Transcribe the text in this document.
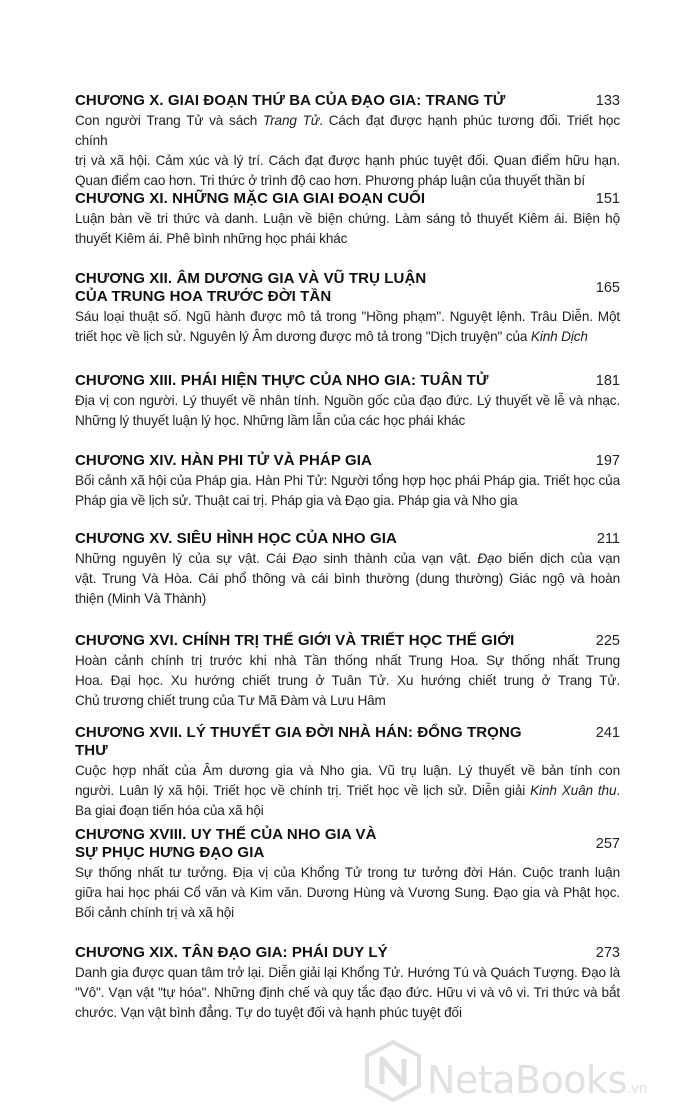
CHƯƠNG X. GIAI ĐOẠN THỨ BA CỦA ĐẠO GIA: TRANG TỬ	133
Con người Trang Tử và sách Trang Tử. Cách đạt được hạnh phúc tương đối. Triết học chính
trị và xã hội. Cảm xúc và lý trí. Cách đạt được hạnh phúc tuyệt đối. Quan điểm hữu hạn.
Quan điểm cao hơn. Tri thức ở trình độ cao hơn. Phương pháp luận của thuyết thần bí
CHƯƠNG XI. NHỮNG MẶC GIA GIAI ĐOẠN CUỐI	151
Luận bàn về tri thức và danh. Luận về biện chứng. Làm sáng tỏ thuyết Kiêm ái. Biện hộ
thuyết Kiêm ái. Phê bình những học phái khác
CHƯƠNG XII. ÂM DƯƠNG GIA VÀ VŨ TRỤ LUẬN
CỦA TRUNG HOA TRƯỚC ĐỜI TẦN	165
Sáu loại thuật số. Ngũ hành được mô tả trong "Hồng phạm". Nguyệt lệnh. Trâu Diễn. Một
triết học về lịch sử. Nguyên lý Âm dương được mô tả trong "Dịch truyện" của Kinh Dịch
CHƯƠNG XIII. PHÁI HIỆN THỰC CỦA NHO GIA: TUÂN TỬ	181
Địa vị con người. Lý thuyết về nhân tính. Nguồn gốc của đạo đức. Lý thuyết về lễ và nhạc.
Những lý thuyết luận lý học. Những lầm lẫn của các học phái khác
CHƯƠNG XIV. HÀN PHI TỬ VÀ PHÁP GIA	197
Bối cảnh xã hội của Pháp gia. Hàn Phi Tử: Người tổng hợp học phái Pháp gia. Triết học của
Pháp gia về lịch sử. Thuật cai trị. Pháp gia và Đạo gia. Pháp gia và Nho gia
CHƯƠNG XV. SIÊU HÌNH HỌC CỦA NHO GIA	211
Những nguyên lý của sự vật. Cái Đạo sinh thành của vạn vật. Đạo biến dịch của vạn
vật. Trung Và Hòa. Cái phổ thông và cái bình thường (dung thường) Giác ngộ và hoàn
thiện (Minh Và Thành)
CHƯƠNG XVI. CHÍNH TRỊ THẾ GIỚI VÀ TRIẾT HỌC THẾ GIỚI	225
Hoàn cảnh chính trị trước khi nhà Tần thống nhất Trung Hoa. Sự thống nhất Trung
Hoa. Đại học. Xu hướng chiết trung ở Tuân Tử. Xu hướng chiết trung ở Trang Tử.
Chủ trương chiết trung của Tư Mã Đàm và Lưu Hâm
CHƯƠNG XVII. LÝ THUYẾT GIA ĐỜI NHÀ HÁN: ĐỔNG TRỌNG THƯ
241
Cuộc hợp nhất của Âm dương gia và Nho gia. Vũ trụ luận. Lý thuyết về bản tính con
người. Luân lý xã hội. Triết học về chính trị. Triết học về lịch sử. Diễn giải Kinh Xuân thu.
Ba giai đoạn tiến hóa của xã hội
CHƯƠNG XVIII. UY THẾ CỦA NHO GIA VÀ
SỰ PHỤC HƯNG ĐẠO GIA	257
Sự thống nhất tư tưởng. Địa vị của Khổng Tử trong tư tưởng đời Hán. Cuộc tranh luận
giữa hai học phái Cổ văn và Kim văn. Dương Hùng và Vương Sung. Đạo gia và Phật học.
Bối cảnh chính trị và xã hội
CHƯƠNG XIX. TÂN ĐẠO GIA: PHÁI DUY LÝ	273
Danh gia được quan tâm trở lại. Diễn giải lại Khổng Tử. Hướng Tú và Quách Tượng. Đạo là
"Vô". Vạn vật "tự hóa". Những định chế và quy tắc đạo đức. Hữu vi và vô vi. Tri thức và bắt
chước. Vạn vật bình đẳng. Tự do tuyệt đối và hạnh phúc tuyệt đối
NetaBooks.vn
